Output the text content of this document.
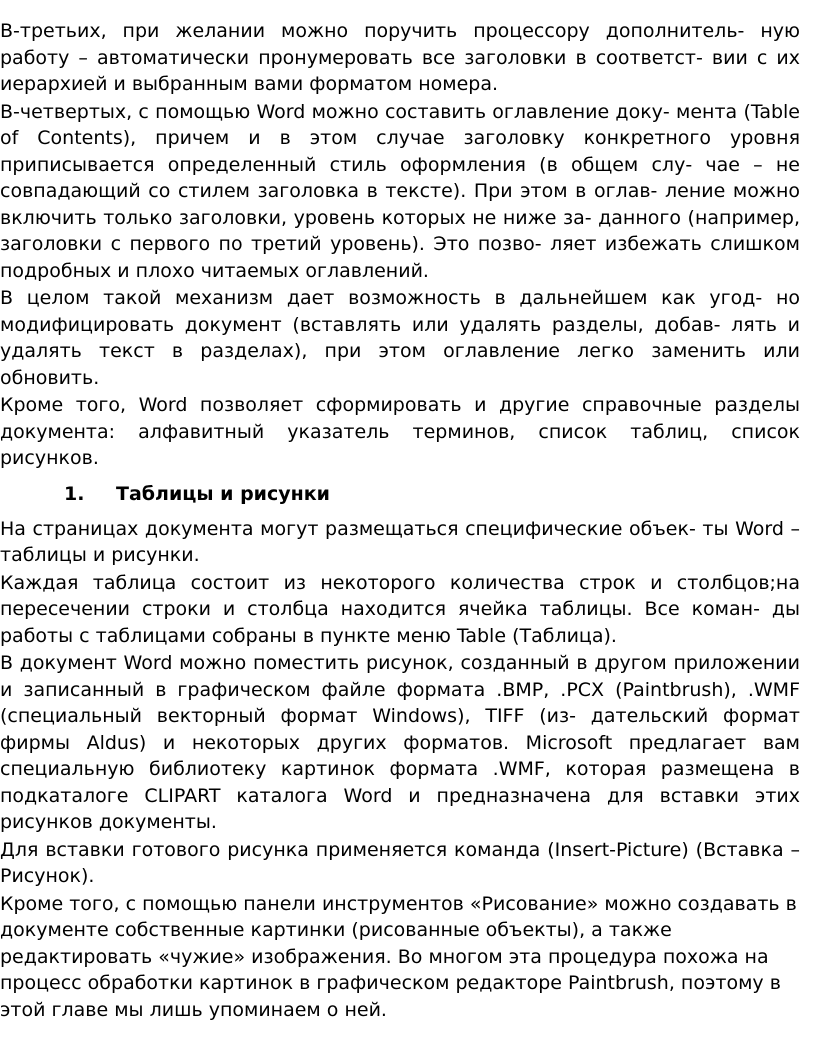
В-третьих, при желании можно поручить процессору дополнитель- ную работу – автоматически пронумеровать все заголовки в соответст- вии с их иерархией и выбранным вами форматом номера.

В-четвертых, с помощью Word можно составить оглавление доку- мента (Table of Contents), причем и в этом случае заголовку конкретного уровня приписывается определенный стиль оформления (в общем слу- чае – не совпадающий со стилем заголовка в тексте). При этом в оглав- ление можно включить только заголовки, уровень которых не ниже за- данного (например, заголовки с первого по третий уровень). Это позво- ляет избежать слишком подробных и плохо читаемых оглавлений.

В целом такой механизм дает возможность в дальнейшем как угод- но модифицировать документ (вставлять или удалять разделы, добав- лять и удалять текст в разделах), при этом оглавление легко заменить или обновить.

Кроме того, Word позволяет сформировать и другие справочные разделы документа: алфавитный указатель терминов, список таблиц, список рисунков.

1.	Таблицы и рисунки

На страницах документа могут размещаться специфические объек- ты Word – таблицы и рисунки.

Каждая таблица состоит из некоторого количества строк и столбцов;на пересечении строки и столбца находится ячейка таблицы. Все коман- ды работы с таблицами собраны в пункте меню Table (Таблица).

В документ Word можно поместить рисунок, созданный в другом приложении и записанный в графическом файле формата .BMP, .PCX (Paintbrush), .WMF (специальный векторный формат Windows), TIFF (из- дательский формат фирмы Aldus) и некоторых других форматов. Microsoft предлагает вам специальную библиотеку картинок формата .WMF, которая размещена в подкаталоге CLIPART каталога Word и предназначена для вставки этих рисунков документы.

Для вставки готового рисунка применяется команда (Insert-Picture) (Вставка – Рисунок).

Кроме того, с помощью панели инструментов «Рисование» можно создавать в документе собственные картинки (рисованные объекты), а также редактировать «чужие» изображения. Во многом эта процедура похожа на процесс обработки картинок в графическом редакторе Paintbrush, поэтому в этой главе мы лишь упоминаем о ней.
